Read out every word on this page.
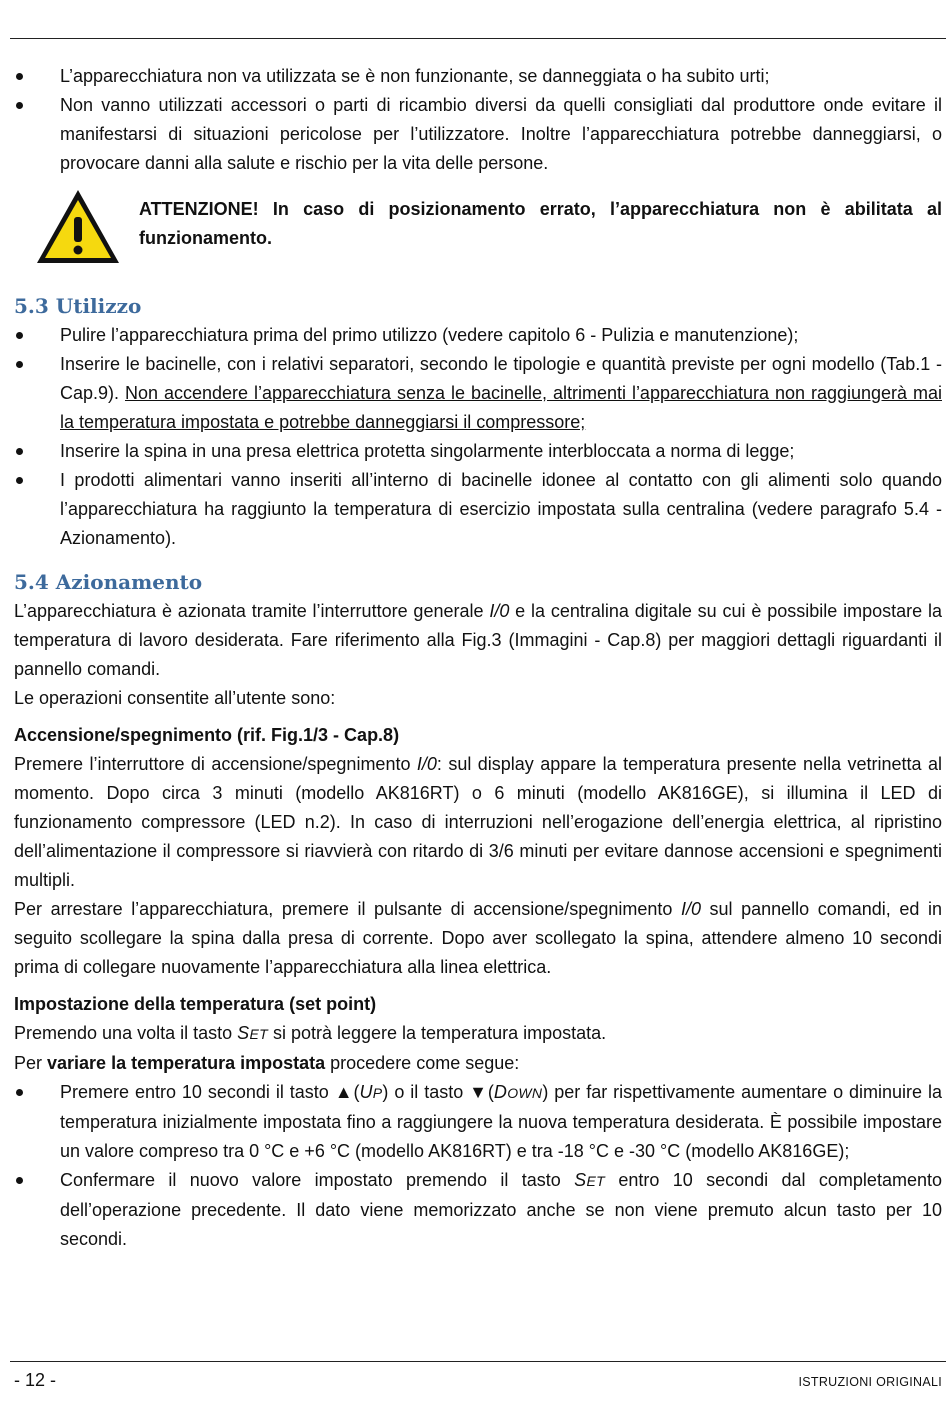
L’apparecchiatura non va utilizzata se è non funzionante, se danneggiata o ha subito urti;
Non vanno utilizzati accessori o parti di ricambio diversi da quelli consigliati dal produttore onde evitare il manifestarsi di situazioni pericolose per l’utilizzatore. Inoltre l’apparecchiatura potrebbe danneggiarsi, o provocare danni alla salute e rischio per la vita delle persone.

ATTENZIONE! In caso di posizionamento errato, l’apparecchiatura non è abilitata al funzionamento.

5.3 Utilizzo
Pulire l’apparecchiatura prima del primo utilizzo (vedere capitolo 6 - Pulizia e manutenzione);
Inserire le bacinelle, con i relativi separatori, secondo le tipologie e quantità previste per ogni modello (Tab.1 - Cap.9). Non accendere l’apparecchiatura senza le bacinelle, altrimenti l’apparecchiatura non raggiungerà mai la temperatura impostata e potrebbe danneggiarsi il compressore;
Inserire la spina in una presa elettrica protetta singolarmente interbloccata a norma di legge;
I prodotti alimentari vanno inseriti all’interno di bacinelle idonee al contatto con gli alimenti solo quando l’apparecchiatura ha raggiunto la temperatura di esercizio impostata sulla centralina (vedere paragrafo 5.4 - Azionamento).
5.4 Azionamento

L’apparecchiatura è azionata tramite l’interruttore generale I/0 e la centralina digitale su cui è possibile impostare la temperatura di lavoro desiderata. Fare riferimento alla Fig.3 (Immagini - Cap.8) per maggiori dettagli riguardanti il pannello comandi.

Le operazioni consentite all’utente sono:

Accensione/spegnimento (rif. Fig.1/3 - Cap.8)

Premere l’interruttore di accensione/spegnimento I/0: sul display appare la temperatura presente nella vetrinetta al momento. Dopo circa 3 minuti (modello AK816RT) o 6 minuti (modello AK816GE), si illumina il LED di funzionamento compressore (LED n.2). In caso di interruzioni nell’erogazione dell’energia elettrica, al ripristino dell’alimentazione il compressore si riavvierà con ritardo di 3/6 minuti per evitare dannose accensioni e spegnimenti multipli.

Per arrestare l’apparecchiatura, premere il pulsante di accensione/spegnimento I/0 sul pannello comandi, ed in seguito scollegare la spina dalla presa di corrente. Dopo aver scollegato la spina, attendere almeno 10 secondi prima di collegare nuovamente l’apparecchiatura alla linea elettrica.

Impostazione della temperatura (set point)

Premendo una volta il tasto SET si potrà leggere la temperatura impostata.

Per variare la temperatura impostata procedere come segue:

Premere entro 10 secondi il tasto ▲(UP) o il tasto ▼(DOWN) per far rispettivamente aumentare o diminuire la temperatura inizialmente impostata fino a raggiungere la nuova temperatura desiderata. È possibile impostare un valore compreso tra 0 °C e +6 °C (modello AK816RT) e tra -18 °C e -30 °C (modello AK816GE);
Confermare il nuovo valore impostato premendo il tasto SET entro 10 secondi dal completamento dell’operazione precedente. Il dato viene memorizzato anche se non viene premuto alcun tasto per 10 secondi.
- 12 -	ISTRUZIONI ORIGINALI
